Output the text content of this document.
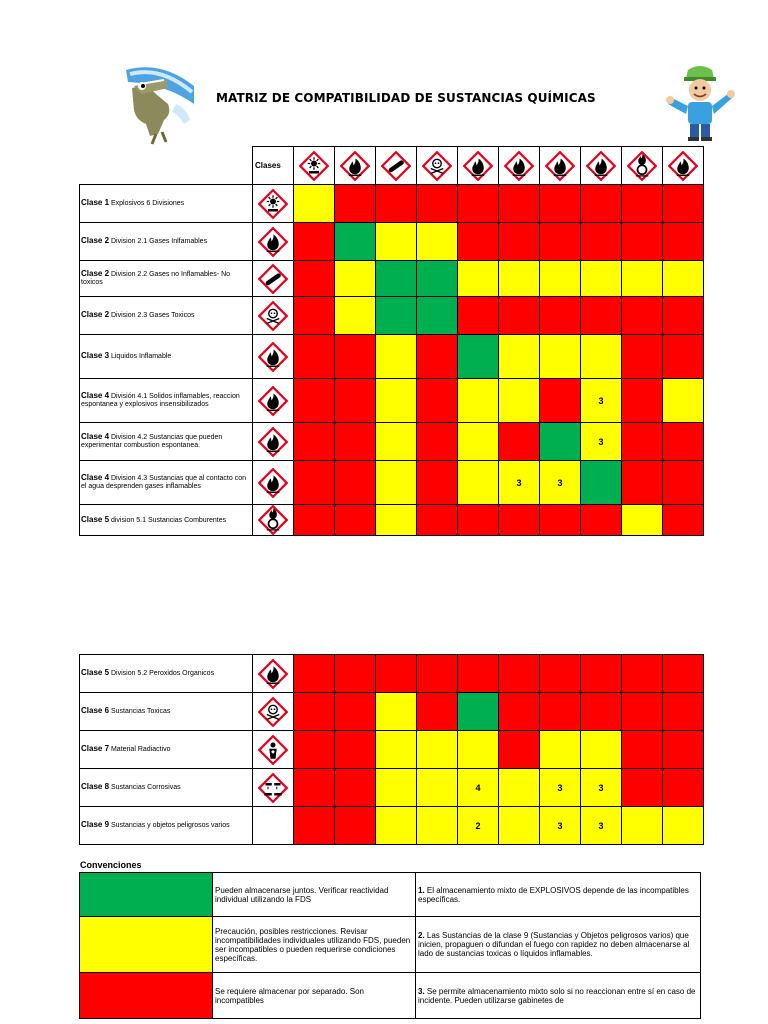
MATRIZ DE COMPATIBILIDAD DE SUSTANCIAS QUÍMICAS
	Clases	

Clase 1 Explosivos 6 Divisiones	

Clase 2 Division 2.1 Gases Inlfamables	

Clase 2 Division 2.2 Gases no Inflamables- No toxicos	

Clase 2 Division 2.3 Gases Toxicos	

Clase 3 Liquidos Inflamable	

Clase 4 División 4.1 Solidos inflamables, reaccion espontanea y explosivos insensibilizados									3		
Clase 4 Division 4.2 Sustancias que pueden experimentar combustion espontanea.									3		
Clase 4 Division 4.3 Sustancias que al contacto con el agua desprenden gases inflamables							3	3			
Clase 5 division 5.1 Sustancias Comburentes	

Clase 5 Division 5.2 Peroxidos Organicos	

Clase 6 Sustancias Toxicas	

Clase 7 Material Radiactivo	

Clase 8 Sustancias Corrosivas						4		3	3		
Clase 9 Sustancias y objetos peligrosos varios						2		3	3		
Convenciones
	Pueden almacenarse juntos. Verificar reactividad individual utilizando la FDS	1. El almacenamiento mixto de EXPLOSIVOS depende de las incompatibles específicas.
	Precaución, posibles restricciones. Revisar incompatibilidades individuales utilizando FDS, pueden ser incompatibles o pueden requerirse condiciones específicas.	2. Las Sustancias de la clase 9 (Sustancias y Objetos peligrosos varios) que inicien, propaguen o difundan el fuego con rapidez no deben almacenarse al lado de sustancias toxicas o líquidos inflamables.
	Se requiere almacenar por separado. Son incompatibles	3. Se permite almacenamiento mixto solo si no reaccionan entre sí en caso de incidente. Pueden utilizarse gabinetes de
